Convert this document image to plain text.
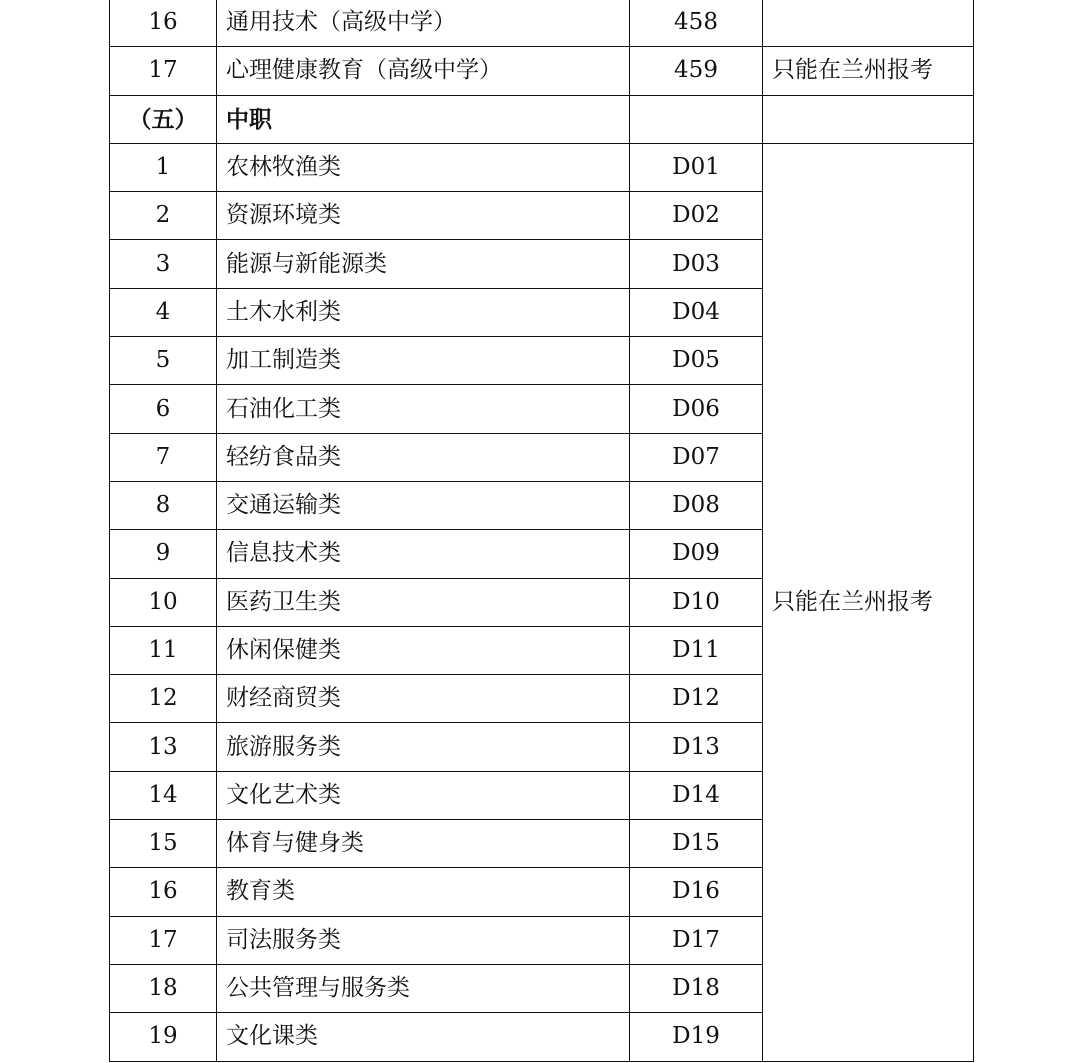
16	通用技术（高级中学）	458	
17	心理健康教育（高级中学）	459	只能在兰州报考
（五）	中职		
1	农林牧渔类	D01	只能在兰州报考
2	资源环境类	D02	
3	能源与新能源类	D03	
4	土木水利类	D04	
5	加工制造类	D05	
6	石油化工类	D06	
7	轻纺食品类	D07	
8	交通运输类	D08	
9	信息技术类	D09	
10	医药卫生类	D10	
11	休闲保健类	D11	
12	财经商贸类	D12	
13	旅游服务类	D13	
14	文化艺术类	D14	
15	体育与健身类	D15	
16	教育类	D16	
17	司法服务类	D17	
18	公共管理与服务类	D18	
19	文化课类	D19	
